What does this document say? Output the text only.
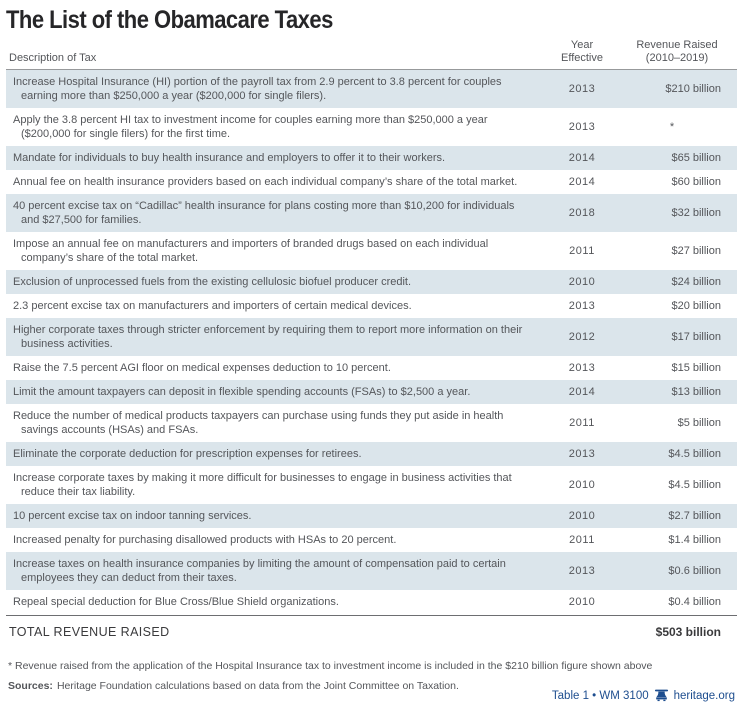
The List of the Obamacare Taxes
Description of Tax
Year
Effective
Revenue Raised
(2010–2019)
Increase Hospital Insurance (HI) portion of the payroll tax from 2.9 percent to 3.8 percent for couples earning more than $250,000 a year ($200,000 for single filers).
2013	$210 billion
Apply the 3.8 percent HI tax to investment income for couples earning more than $250,000 a year ($200,000 for single filers) for the first time.
2013	*
Mandate for individuals to buy health insurance and employers to offer it to their workers.	2014	$65 billion
Annual fee on health insurance providers based on each individual company’s share of the total market.	2014	$60 billion
40 percent excise tax on “Cadillac” health insurance for plans costing more than $10,200 for individuals and $27,500 for families.
2018	$32 billion
Impose an annual fee on manufacturers and importers of branded drugs based on each individual company’s share of the total market.
2011	$27 billion
Exclusion of unprocessed fuels from the existing cellulosic biofuel producer credit.	2010	$24 billion
2.3 percent excise tax on manufacturers and importers of certain medical devices.	2013	$20 billion
Higher corporate taxes through stricter enforcement by requiring them to report more information on their business activities.
2012	$17 billion
Raise the 7.5 percent AGI floor on medical expenses deduction to 10 percent.	2013	$15 billion
Limit the amount taxpayers can deposit in flexible spending accounts (FSAs) to $2,500 a year.	2014	$13 billion
Reduce the number of medical products taxpayers can purchase using funds they put aside in health savings accounts (HSAs) and FSAs.
2011	$5 billion
Eliminate the corporate deduction for prescription expenses for retirees.	2013	$4.5 billion
Increase corporate taxes by making it more difficult for businesses to engage in business activities that reduce their tax liability.
2010	$4.5 billion
10 percent excise tax on indoor tanning services.	2010	$2.7 billion
Increased penalty for purchasing disallowed products with HSAs to 20 percent.	2011	$1.4 billion
Increase taxes on health insurance companies by limiting the amount of compensation paid to certain employees they can deduct from their taxes.
2013	$0.6 billion
Repeal special deduction for Blue Cross/Blue Shield organizations.	2010	$0.4 billion
TOTAL REVENUE RAISED	$503 billion
* Revenue raised from the application of the Hospital Insurance tax to investment income is included in the $210 billion figure shown above
Sources: Heritage Foundation calculations based on data from the Joint Committee on Taxation.
Table 1 • WM 3100 heritage.org
